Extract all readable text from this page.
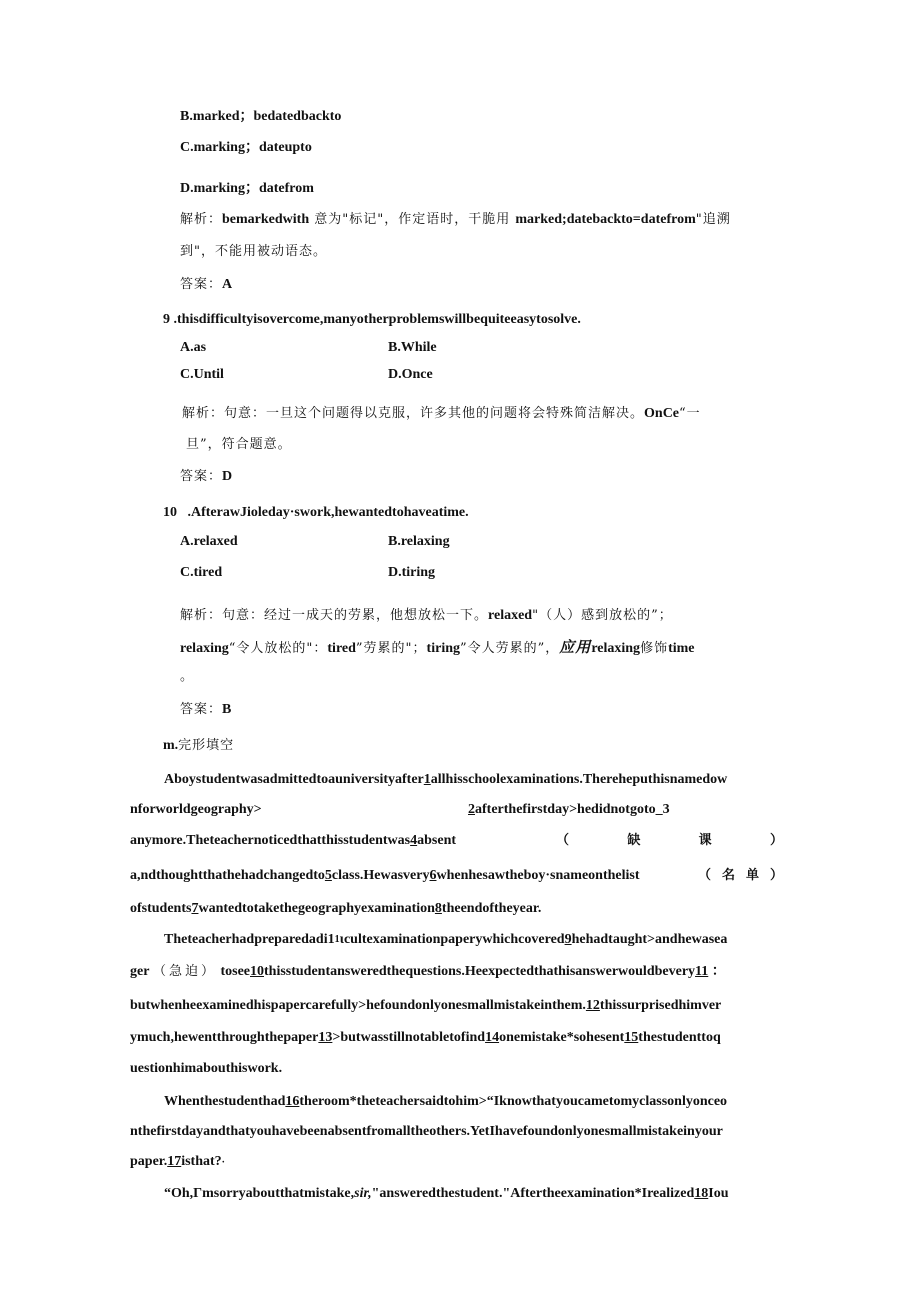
B.marked；bedatedbackto
C.marking；dateupto
D.marking；datefrom
解析：bemarkedwith 意为"标记"，作定语时，干脆用 marked;datebackto=datefrom"追溯
到"，不能用被动语态。
答案：A
9 .thisdifficultyisovercome,manyotherproblemswillbequiteeasytosolve.
A.as	B.While
C.Until	D.Once
解析：句意：一旦这个问题得以克服，许多其他的问题将会特殊简洁解决。OnCe“一
旦”，符合题意。
答案：D
10 .AfterawJioleday·swork,hewantedtohaveatime.
A.relaxed	B.relaxing
C.tired	D.tiring
解析：句意：经过一成天的劳累，他想放松一下。relaxed"（人）感到放松的”；
relaxing“令人放松的"：tired”劳累的"；tiring”令人劳累的”，应用relaxing修饰time
。
答案：B
m.完形填空
Aboystudentwasadmittedtoauniversityafter1allhisschoolexaminations.Thereheputhisnamedow
nforworldgeography>	2afterthefirstday>hedidnotgoto_3
anymore.Theteachernoticedthatthisstudentwas4absent	（	缺	课	）
a,ndthoughtthathehadchangedto5class.Hewasvery6whenhesawtheboy·snameonthelist	（ 名 单 ）
ofstudents7wantedtotakethegeographyexamination8theendoftheyear.
Theteacherhadpreparedadi11ιcultexaminationpaperywhichcovered9hehadtaught>andhewasea
ger （急迫） tosee10thisstudentansweredthequestions.Heexpectedthathisanswerwouldbevery11 ：
butwhenheexaminedhispapercarefully>hefoundonlyonesmallmistakeinthem.12thissurprisedhimver
ymuch,hewentthroughthepaper13>butwasstillnotabletofind14onemistake*sohesent15thestudenttoq
uestionhimabouthiswork.
Whenthestudenthad16theroom*theteachersaidtohim>“Iknowthatyoucametomyclassonlyonceo
nthefirstdayandthatyouhavebeenabsentfromalltheothers.YetIhavefoundonlyonesmallmistakeinyour
paper.17isthat?·
“Oh,Γmsorryaboutthatmistake,sir,"answeredthestudent."Aftertheexamination*Irealized18Iou
